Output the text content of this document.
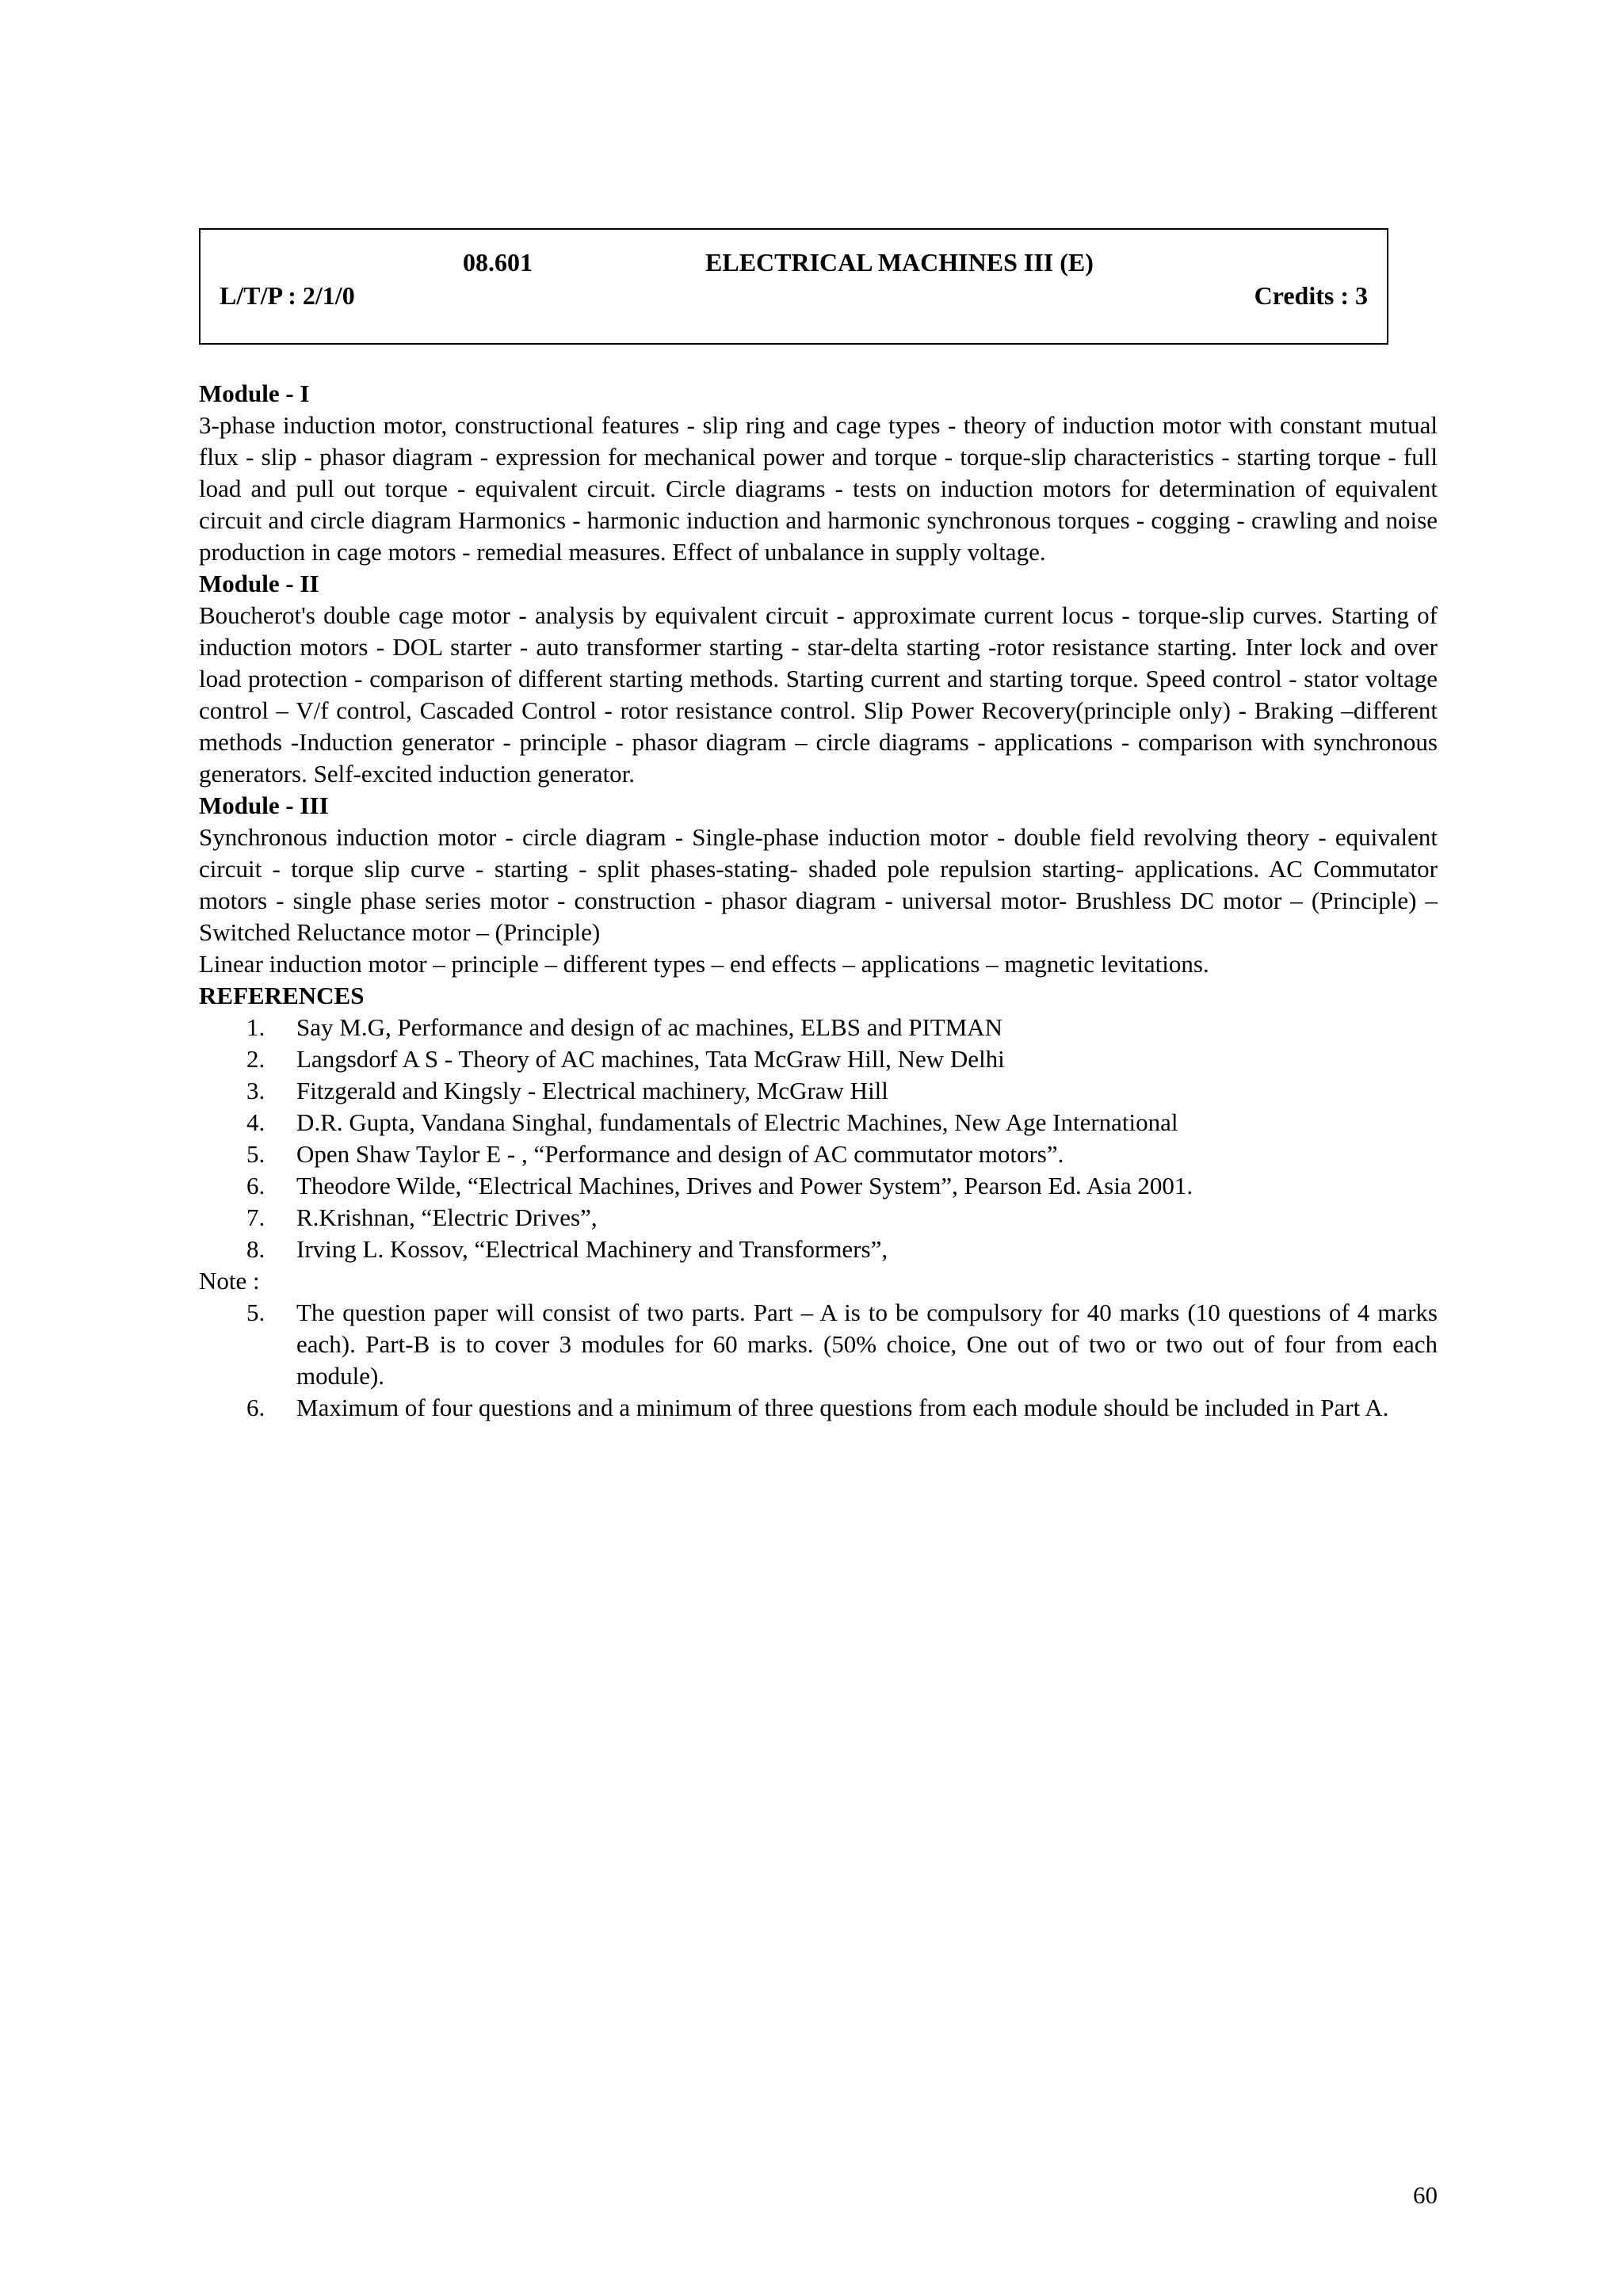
08.601	ELECTRICAL MACHINES III (E)
L/T/P : 2/1/0	Credits : 3

Module - I

3-phase induction motor, constructional features - slip ring and cage types - theory of induction motor with constant mutual flux - slip - phasor diagram - expression for mechanical power and torque - torque-slip characteristics - starting torque - full load and pull out torque - equivalent circuit. Circle diagrams - tests on induction motors for determination of equivalent circuit and circle diagram Harmonics - harmonic induction and harmonic synchronous torques - cogging - crawling and noise production in cage motors - remedial measures. Effect of unbalance in supply voltage.

Module - II

Boucherot's double cage motor - analysis by equivalent circuit - approximate current locus - torque-slip curves. Starting of induction motors - DOL starter - auto transformer starting - star-delta starting -rotor resistance starting. Inter lock and over load protection - comparison of different starting methods. Starting current and starting torque. Speed control - stator voltage control – V/f control, Cascaded Control - rotor resistance control. Slip Power Recovery(principle only) - Braking –different methods -Induction generator - principle - phasor diagram – circle diagrams - applications - comparison with synchronous generators. Self-excited induction generator.

Module - III

Synchronous induction motor - circle diagram - Single-phase induction motor - double field revolving theory - equivalent circuit - torque slip curve - starting - split phases-stating- shaded pole repulsion starting- applications. AC Commutator motors - single phase series motor - construction - phasor diagram - universal motor- Brushless DC motor – (Principle) – Switched Reluctance motor – (Principle)

Linear induction motor – principle – different types – end effects – applications – magnetic levitations.

REFERENCES

1.	Say M.G, Performance and design of ac machines, ELBS and PITMAN
2.	Langsdorf A S - Theory of AC machines, Tata McGraw Hill, New Delhi
3.	Fitzgerald and Kingsly - Electrical machinery, McGraw Hill
4.	D.R. Gupta, Vandana Singhal, fundamentals of Electric Machines, New Age International
5.	Open Shaw Taylor E - , “Performance and design of AC commutator motors”.
6.	Theodore Wilde, “Electrical Machines, Drives and Power System”, Pearson Ed. Asia 2001.
7.	R.Krishnan, “Electric Drives”,
8.	Irving L. Kossov, “Electrical Machinery and Transformers”,

Note :

5.	The question paper will consist of two parts. Part – A is to be compulsory for 40 marks (10 questions of 4 marks each). Part-B is to cover 3 modules for 60 marks. (50% choice, One out of two or two out of four from each module).
6.	Maximum of four questions and a minimum of three questions from each module should be included in Part A.
60
